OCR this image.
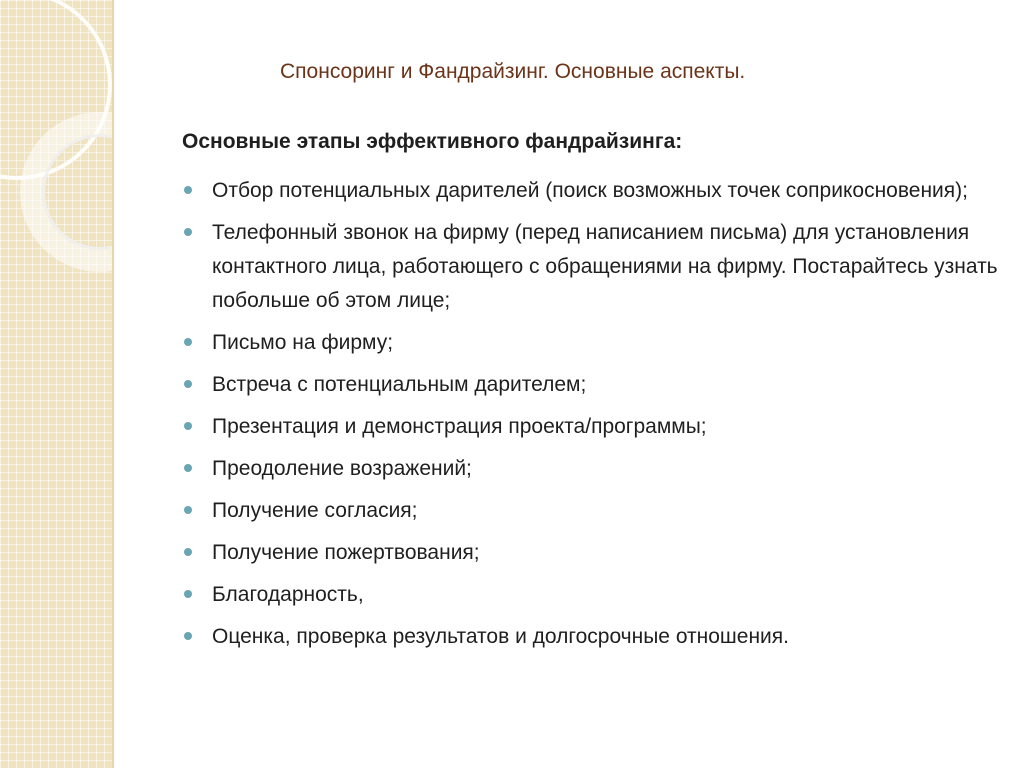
Спонсоринг и Фандрайзинг. Основные аспекты.
Основные этапы эффективного фандрайзинга:
Отбор потенциальных дарителей (поиск возможных точек соприкосновения);
Телефонный звонок на фирму (перед написанием письма) для установления контактного лица, работающего с обращениями на фирму. Постарайтесь узнать побольше об этом лице;
Письмо на фирму;
Встреча с потенциальным дарителем;
Презентация и демонстрация проекта/программы;
Преодоление возражений;
Получение согласия;
Получение пожертвования;
Благодарность,
Оценка, проверка результатов и долгосрочные отношения.
